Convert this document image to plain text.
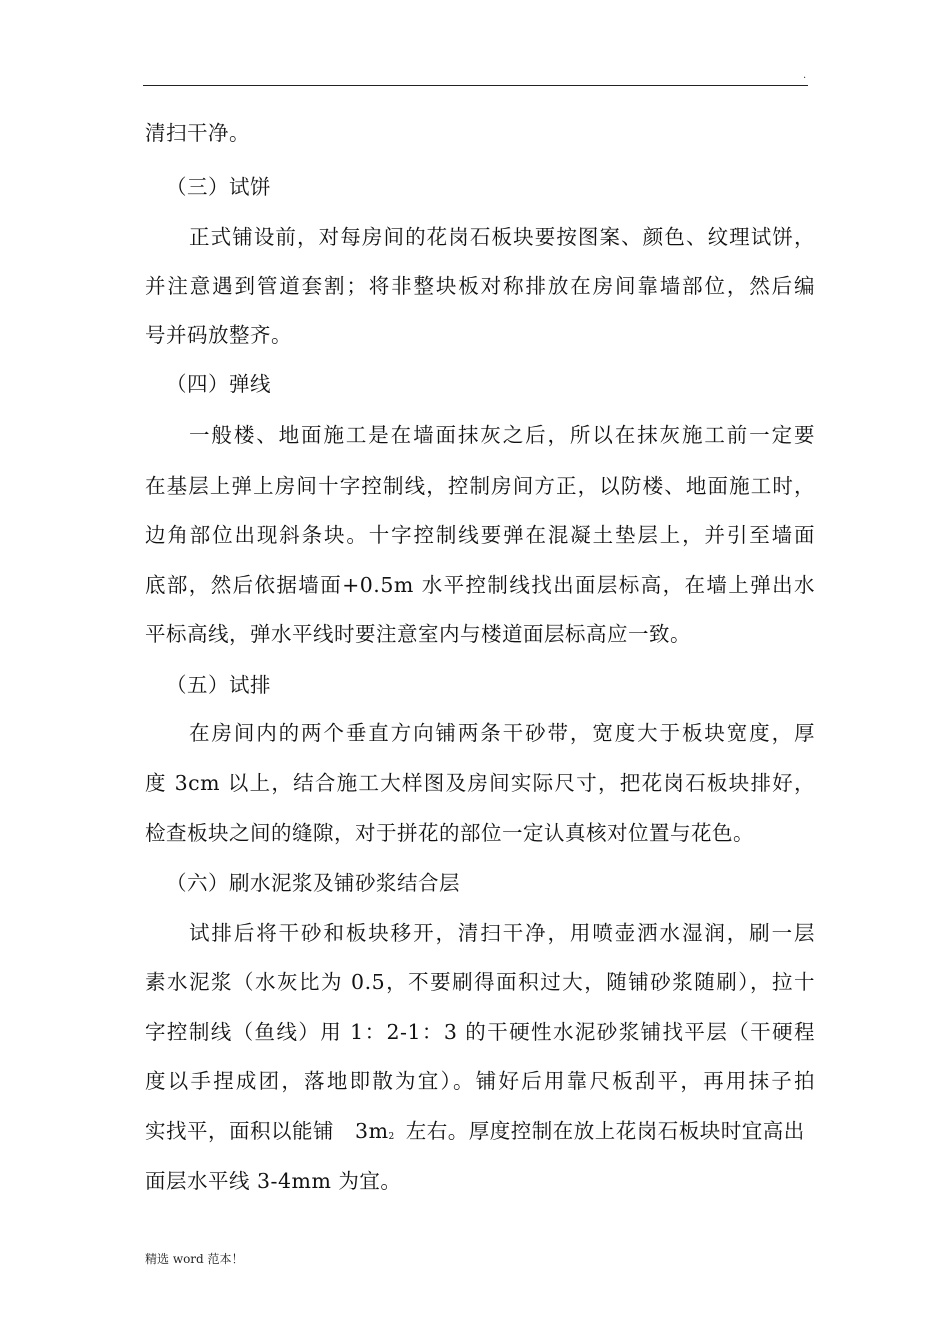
.
清扫干净。
（三）试饼
正式铺设前，对每房间的花岗石板块要按图案、颜色、纹理试饼，
并注意遇到管道套割；将非整块板对称排放在房间靠墙部位，然后编
号并码放整齐。
（四）弹线
一般楼、地面施工是在墙面抹灰之后，所以在抹灰施工前一定要
在基层上弹上房间十字控制线，控制房间方正，以防楼、地面施工时，
边角部位出现斜条块。十字控制线要弹在混凝土垫层上，并引至墙面
底部，然后依据墙面+0.5m 水平控制线找出面层标高，在墙上弹出水
平标高线，弹水平线时要注意室内与楼道面层标高应一致。
（五）试排
在房间内的两个垂直方向铺两条干砂带，宽度大于板块宽度，厚
度 3cm 以上，结合施工大样图及房间实际尺寸，把花岗石板块排好，
检查板块之间的缝隙，对于拼花的部位一定认真核对位置与花色。
（六）刷水泥浆及铺砂浆结合层
试排后将干砂和板块移开，清扫干净，用喷壶洒水湿润，刷一层
素水泥浆（水灰比为 0.5，不要刷得面积过大，随铺砂浆随刷），拉十
字控制线（鱼线）用 1：2-1：3 的干硬性水泥砂浆铺找平层（干硬程
度以手捏成团，落地即散为宜）。铺好后用靠尺板刮平，再用抹子拍
实找平，面积以能铺 $3m_2$ 左右。厚度控制在放上花岗石板块时宜高出
面层水平线 3-4mm 为宜。
精选 word 范本！
